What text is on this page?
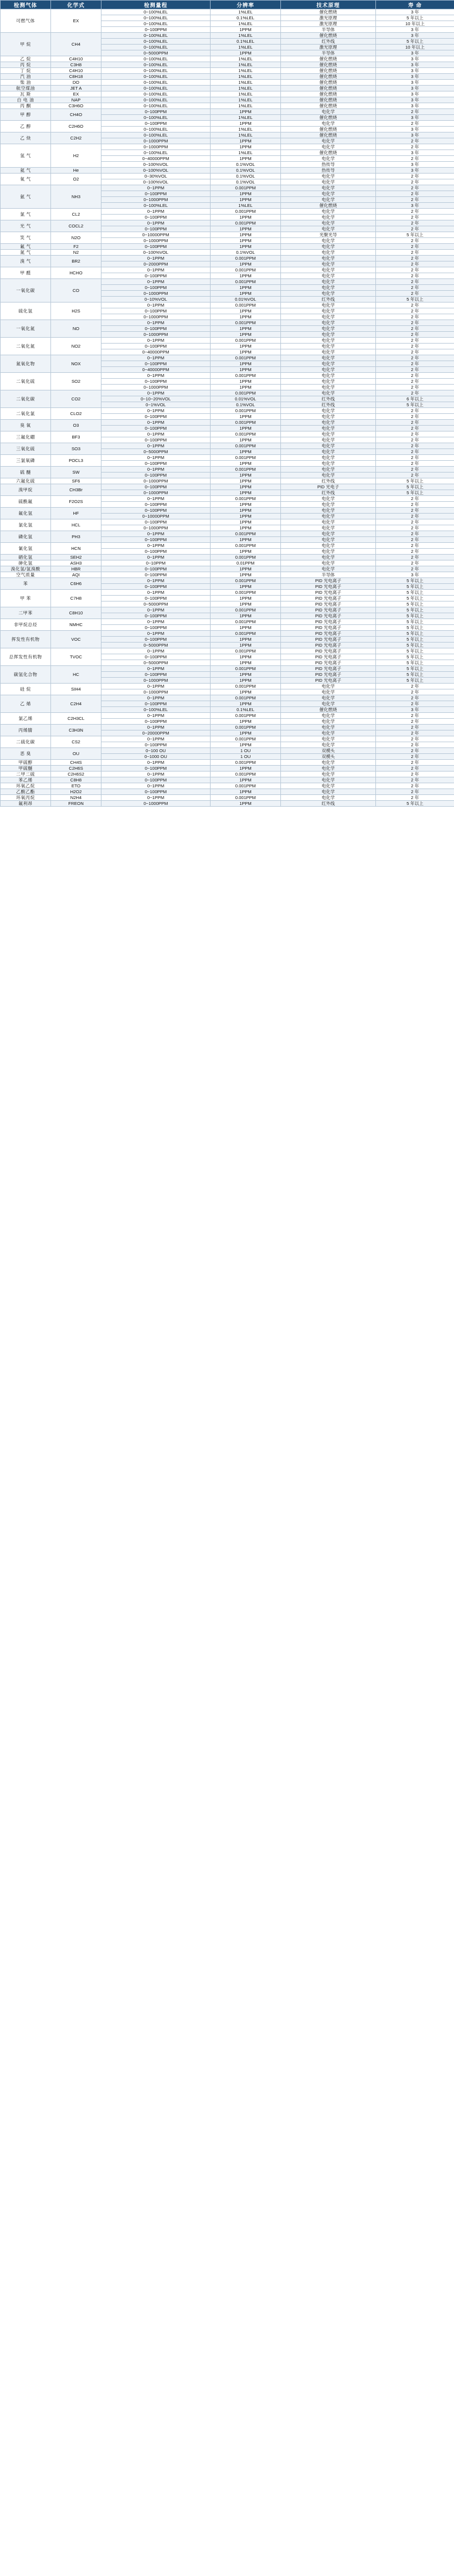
检测气体	化学式	检测量程	分辨率	技术原理	寿 命
可燃气体	EX	0~100%LEL	1%LEL	催化燃烧	3 年
		0~100%LEL	0.1%LEL	激光原理	5 年以上
		0~100%LEL	1%LEL	激光原理	10 年以上
		0~100PPM	1PPM	半导体	3 年
甲 烷	CH4	0~100%LEL	1%LEL	催化燃烧	3 年
		0~100%LEL	0.1%LEL	红外线	5 年以上
		0~100%LEL	1%LEL	激光原理	10 年以上
		0~5000PPM	1PPM	半导体	3 年
乙 烷	C4H10	0~100%LEL	1%LEL	催化燃烧	3 年
丙 烷	C3H8	0~100%LEL	1%LEL	催化燃烧	3 年
丁 烷	C4H10	0~100%LEL	1%LEL	催化燃烧	3 年
汽 油	C8H18	0~100%LEL	1%LEL	催化燃烧	3 年
柴 油	DO	0~100%LEL	1%LEL	催化燃烧	3 年
航空煤油	JET A	0~100%LEL	1%LEL	催化燃烧	3 年
瓦 斯	EX	0~100%LEL	1%LEL	催化燃烧	3 年
白 电 油	NAP	0~100%LEL	1%LEL	催化燃烧	3 年
丙 酮	C3H6O	0~100%LEL	1%LEL	催化燃烧	3 年
甲 醇	CH4O	0~100PPM	1PPM	电化学	2 年
		0~100%LEL	1%LEL	催化燃烧	3 年
乙 醇	C2H6O	0~100PPM	1PPM	电化学	2 年
		0~100%LEL	1%LEL	催化燃烧	3 年
乙 炔	C2H2	0~100%LEL	1%LEL	催化燃烧	3 年
		0~1000PPM	1PPM	电化学	2 年
氢 气	H2	0~1000PPM	1PPM	电化学	2 年
		0~100%LEL	1%LEL	催化燃烧	3 年
		0~40000PPM	1PPM	电化学	2 年
		0~100%VOL	0.1%VOL	热传导	3 年
氦 气	He	0~100%VOL	0.1%VOL	热传导	3 年
氧 气	O2	0~30%VOL	0.1%VOL	电化学	2 年
		0~100%VOL	0.1%VOL	电化学	2 年
氨 气	NH3	0~1PPM	0.001PPM	电化学	2 年
		0~100PPM	1PPM	电化学	2 年
		0~1000PPM	1PPM	电化学	2 年
		0~100%LEL	1%LEL	催化燃烧	3 年
氯 气	CL2	0~1PPM	0.001PPM	电化学	2 年
		0~100PPM	1PPM	电化学	2 年
光 气	COCL2	0~1PPM	0.001PPM	电化学	2 年
		0~100PPM	1PPM	电化学	2 年
笑 气	N2O	0~10000PPM	1PPM	光聚光导	5 年以上
		0~1000PPM	1PPM	电化学	2 年
氟 气	F2	0~100PPM	1PPM	电化学	2 年
氮 气	N2	0~100%VOL	0.1%VOL	电化学	2 年
溴 气	BR2	0~1PPM	0.001PPM	电化学	2 年
		0~2000PPM	1PPM	电化学	2 年
甲 醛	HCHO	0~1PPM	0.001PPM	电化学	2 年
		0~100PPM	1PPM	电化学	2 年
一氧化碳	CO	0~1PPM	0.001PPM	电化学	2 年
		0~100PPM	1PPM	电化学	2 年
		0~1000PPM	1PPM	电化学	2 年
		0~10%VOL	0.01%VOL	红外线	5 年以上
硫化氢	H2S	0~1PPM	0.001PPM	电化学	2 年
		0~100PPM	1PPM	电化学	2 年
		0~1000PPM	1PPM	电化学	2 年
一氧化氮	NO	0~1PPM	0.001PPM	电化学	2 年
		0~100PPM	1PPM	电化学	2 年
		0~1000PPM	1PPM	电化学	2 年
二氧化氮	NO2	0~1PPM	0.001PPM	电化学	2 年
		0~100PPM	1PPM	电化学	2 年
		0~40000PPM	1PPM	电化学	2 年
氮氧化物	NOX	0~1PPM	0.001PPM	电化学	2 年
		0~100PPM	1PPM	电化学	2 年
		0~40000PPM	1PPM	电化学	2 年
二氧化硫	SO2	0~1PPM	0.001PPM	电化学	2 年
		0~100PPM	1PPM	电化学	2 年
		0~1000PPM	1PPM	电化学	2 年
二氧化碳	CO2	0~1PPM	0.001PPM	电化学	2 年
		0~10~20%VOL	0.01%VOL	红外线	6 年以上
		0~1%VOL	0.1%VOL	红外线	5 年以上
二氧化氯	CLO2	0~1PPM	0.001PPM	电化学	2 年
		0~100PPM	1PPM	电化学	2 年
臭 氧	O3	0~1PPM	0.001PPM	电化学	2 年
		0~100PPM	1PPM	电化学	2 年
三氟化硼	BF3	0~1PPM	0.001PPM	电化学	2 年
		0~100PPM	1PPM	电化学	2 年
三氧化硫	SO3	0~1PPM	0.001PPM	电化学	2 年
		0~5000PPM	1PPM	电化学	2 年
三氯氧磷	POCL3	0~1PPM	0.001PPM	电化学	2 年
		0~100PPM	1PPM	电化学	2 年
硫 醚	SW	0~1PPM	0.001PPM	电化学	2 年
		0~100PPM	1PPM	电化学	2 年
六氟化硫	SF6	0~1000PPM	1PPM	红外线	5 年以上
溴甲烷	CH3Br	0~100PPM	1PPM	PID 光电子	5 年以上
		0~1000PPM	1PPM	红外线	5 年以上
硫酰氟	F2O2S	0~1PPM	0.001PPM	电化学	2 年
		0~100PPM	1PPM	电化学	2 年
氟化氢	HF	0~100PPM	1PPM	电化学	2 年
		0~10000PPM	1PPM	电化学	2 年
氯化氢	HCL	0~100PPM	1PPM	电化学	2 年
		0~1000PPM	1PPM	电化学	2 年
磷化氢	PH3	0~1PPM	0.001PPM	电化学	2 年
		0~100PPM	1PPM	电化学	2 年
氰化氢	HCN	0~1PPM	0.001PPM	电化学	2 年
		0~100PPM	1PPM	电化学	2 年
硒化氢	SEH2	0~1PPM	0.001PPM	电化学	2 年
砷化氢	ASH3	0~10PPM	0.01PPM	电化学	2 年
溴化氢/氢溴酸	HBR	0~100PPM	1PPM	电化学	2 年
空气质量	AQI	0~100PPM	1PPM	半导体	3 年
苯	C6H6	0~1PPM	0.001PPM	PID 光电离子	5 年以上
		0~100PPM	1PPM	PID 光电离子	5 年以上
甲 苯	C7H8	0~1PPM	0.001PPM	PID 光电离子	5 年以上
		0~100PPM	1PPM	PID 光电离子	5 年以上
		0~5000PPM	1PPM	PID 光电离子	5 年以上
二甲苯	C8H10	0~1PPM	0.001PPM	PID 光电离子	5 年以上
		0~100PPM	1PPM	PID 光电离子	5 年以上
非甲烷总烃	NMHC	0~1PPM	0.001PPM	PID 光电离子	5 年以上
		0~100PPM	1PPM	PID 光电离子	5 年以上
挥发性有机物	VOC	0~1PPM	0.001PPM	PID 光电离子	5 年以上
		0~100PPM	1PPM	PID 光电离子	5 年以上
		0~5000PPM	1PPM	PID 光电离子	5 年以上
总挥发性有机物	TVOC	0~1PPM	0.001PPM	PID 光电离子	5 年以上
		0~100PPM	1PPM	PID 光电离子	5 年以上
		0~5000PPM	1PPM	PID 光电离子	5 年以上
碳氢化合物	HC	0~1PPM	0.001PPM	PID 光电离子	5 年以上
		0~100PPM	1PPM	PID 光电离子	5 年以上
		0~1000PPM	1PPM	PID 光电离子	5 年以上
硅 烷	SIH4	0~1PPM	0.001PPM	电化学	2 年
		0~1000PPM	1PPM	电化学	2 年
乙 烯	C2H4	0~1PPM	0.001PPM	电化学	2 年
		0~100PPM	1PPM	电化学	2 年
		0~100%LEL	0.1%LEL	催化燃烧	3 年
氯乙烯	C2H3CL	0~1PPM	0.001PPM	电化学	2 年
		0~100PPM	1PPM	电化学	2 年
丙烯腈	C3H3N	0~1PPM	0.001PPM	电化学	2 年
		0~20000PPM	1PPM	电化学	2 年
二硫化碳	CS2	0~1PPM	0.001PPM	电化学	2 年
		0~100PPM	1PPM	电化学	2 年
恶 臭	OU	0~100 OU	1 OU	双模头	2 年
		0~1000 OU	1 OU	双模头	2 年
甲硫醇	CH4S	0~1PPM	0.001PPM	电化学	2 年
甲硫醚	C2H6S	0~100PPM	1PPM	电化学	2 年
二甲二硫	C2H6S2	0~1PPM	0.001PPM	电化学	2 年
苯乙烯	C8H8	0~100PPM	1PPM	电化学	2 年
环氧乙烷	ETO	0~1PPM	0.001PPM	电化学	2 年
乙酸乙酯	H2O2	0~100PPM	1PPM	电化学	2 年
环氧丙烷	N2H4	0~1PPM	0.001PPM	电化学	2 年
氟利昂	FREON	0~1000PPM	1PPM	红外线	5 年以上
